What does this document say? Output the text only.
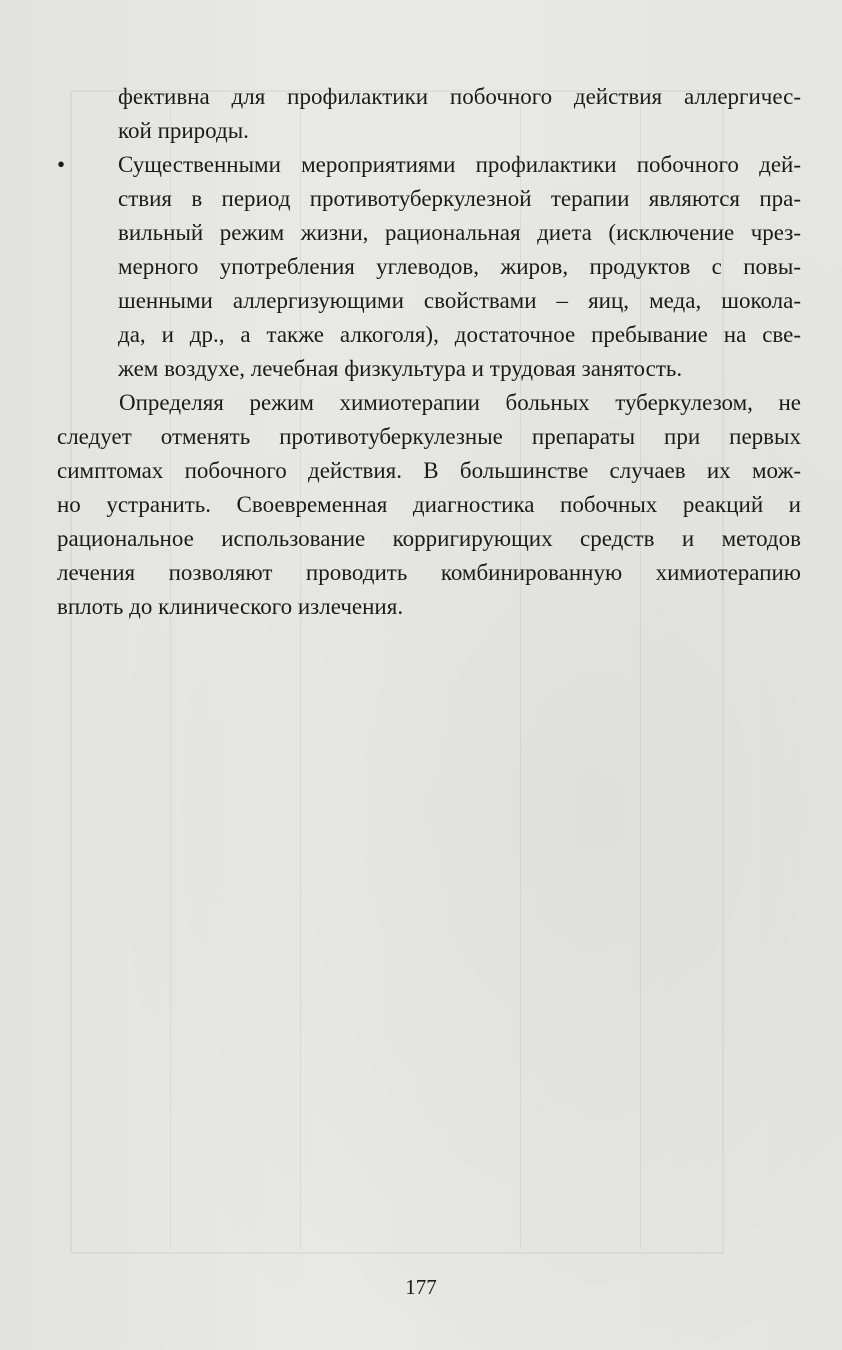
фективна для профилактики побочного действия аллергичес-
кой природы.
•	Существенными мероприятиями профилактики побочного дей-
ствия в период противотуберкулезной терапии являются пра-
вильный режим жизни, рациональная диета (исключение чрез-
мерного употребления углеводов, жиров, продуктов с повы-
шенными аллергизующими свойствами – яиц, меда, шокола-
да, и др., а также алкоголя), достаточное пребывание на све-
жем воздухе, лечебная физкультура и трудовая занятость.
Определяя режим химиотерапии больных туберкулезом, не
следует отменять противотуберкулезные препараты при первых
симптомах побочного действия. В большинстве случаев их мож-
но устранить. Своевременная диагностика побочных реакций и
рациональное использование корригирующих средств и методов
лечения позволяют проводить комбинированную химиотерапию
вплоть до клинического излечения.
177
